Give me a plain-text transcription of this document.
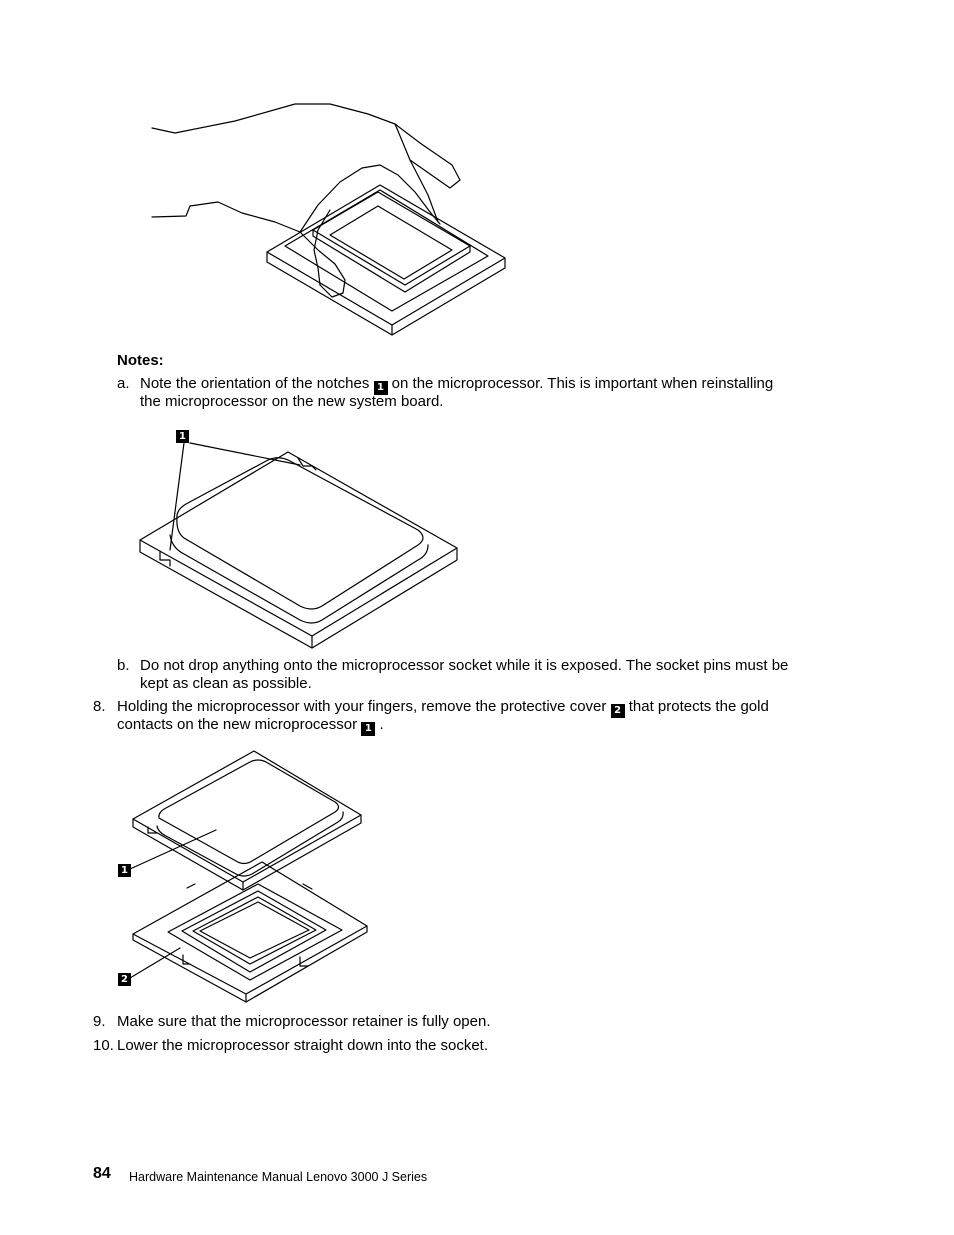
Notes:
a. Note the orientation of the notches 1 on the microprocessor. This is important when reinstalling
the microprocessor on the new system board.
1
b. Do not drop anything onto the microprocessor socket while it is exposed. The socket pins must be
kept as clean as possible.
8. Holding the microprocessor with your fingers, remove the protective cover 2 that protects the gold
contacts on the new microprocessor 1 .
1
2
9. Make sure that the microprocessor retainer is fully open.
10. Lower the microprocessor straight down into the socket.
84 Hardware Maintenance Manual Lenovo 3000 J Series
